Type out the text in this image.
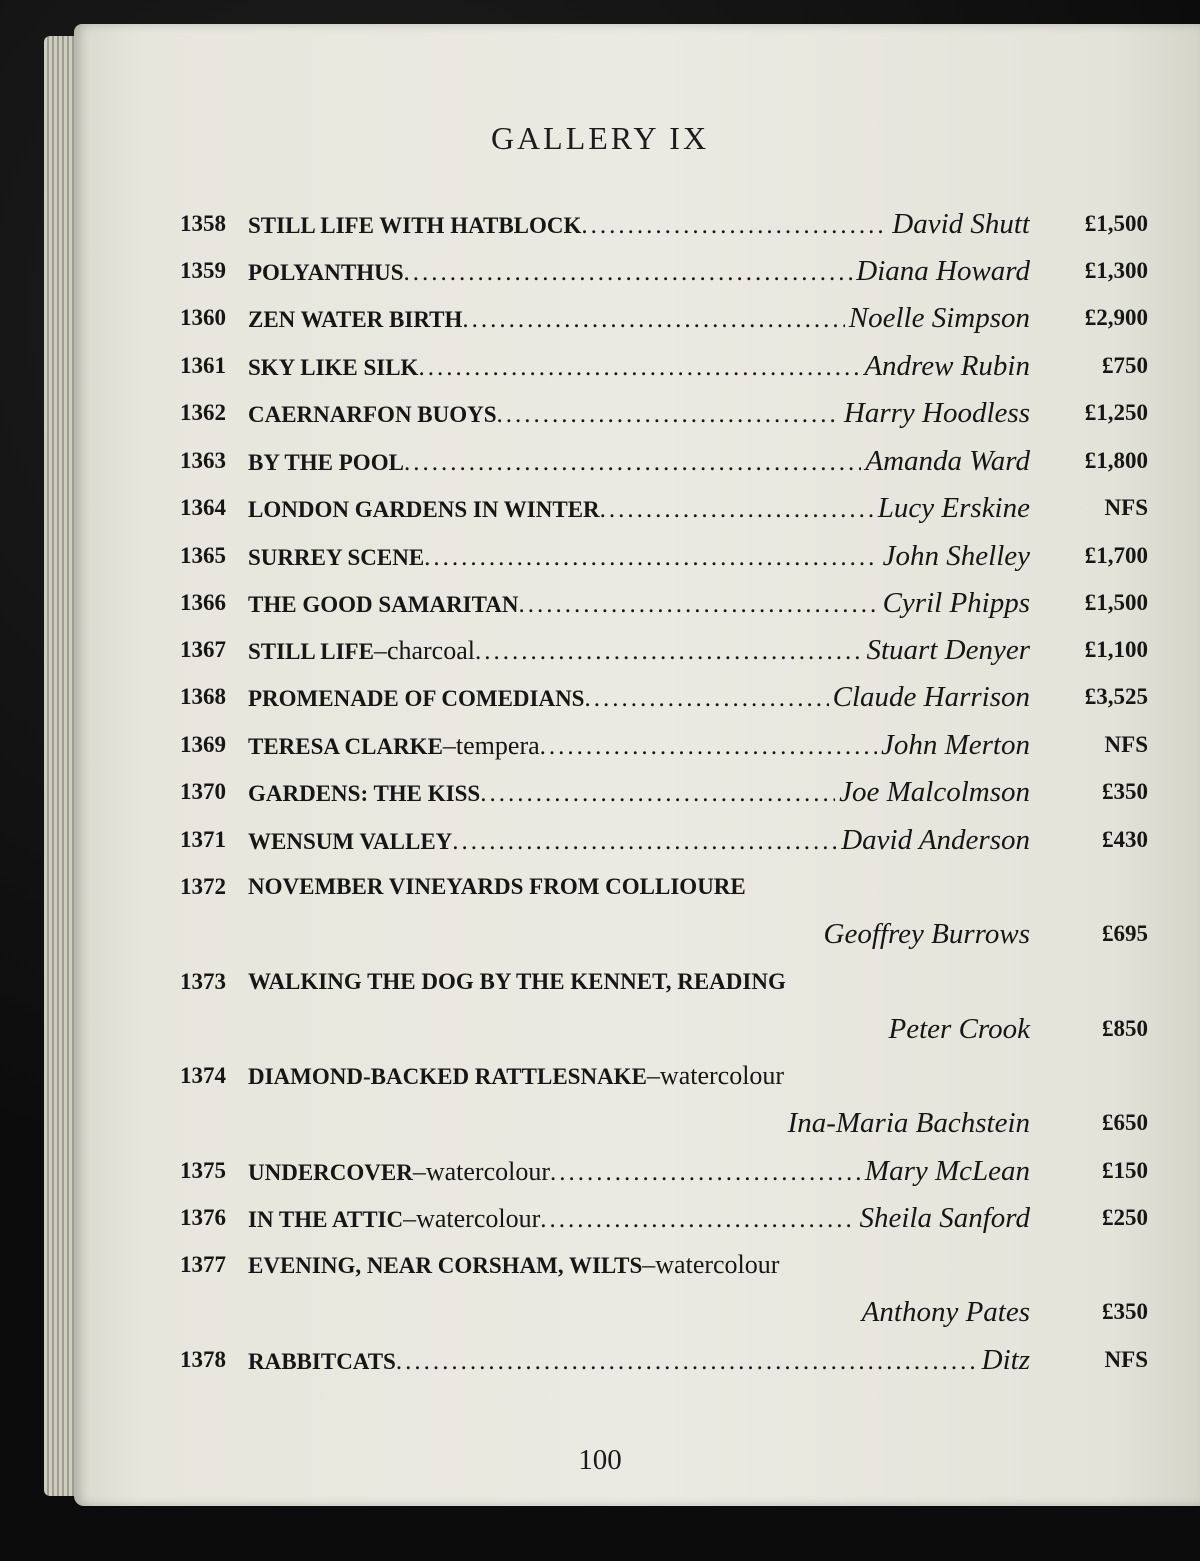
GALLERY IX
1358 STILL LIFE WITH HATBLOCK .....	David Shutt	£1,500
1359 POLYANTHUS .....	Diana Howard	£1,300
1360 ZEN WATER BIRTH .....	Noelle Simpson	£2,900
1361 SKY LIKE SILK .....	Andrew Rubin	£750
1362 CAERNARFON BUOYS .....	Harry Hoodless	£1,250
1363 BY THE POOL .....	Amanda Ward	£1,800
1364 LONDON GARDENS IN WINTER .....	Lucy Erskine	NFS
1365 SURREY SCENE .....	John Shelley	£1,700
1366 THE GOOD SAMARITAN .....	Cyril Phipps	£1,500
1367 STILL LIFE –charcoal .....	Stuart Denyer	£1,100
1368 PROMENADE OF COMEDIANS .....	Claude Harrison	£3,525
1369 TERESA CLARKE –tempera .....	John Merton	NFS
1370 GARDENS: THE KISS .....	Joe Malcolmson	£350
1371 WENSUM VALLEY .....	David Anderson	£430
1372 NOVEMBER VINEYARDS FROM COLLIOURE
Geoffrey Burrows	£695
1373 WALKING THE DOG BY THE KENNET, READING
Peter Crook	£850
1374 DIAMOND-BACKED RATTLESNAKE –watercolour
Ina-Maria Bachstein	£650
1375 UNDERCOVER –watercolour .....	Mary McLean	£150
1376 IN THE ATTIC –watercolour .....	Sheila Sanford	£250
1377 EVENING, NEAR CORSHAM, WILTS –watercolour
Anthony Pates	£350
1378 RABBITCATS .....	Ditz	NFS
100
